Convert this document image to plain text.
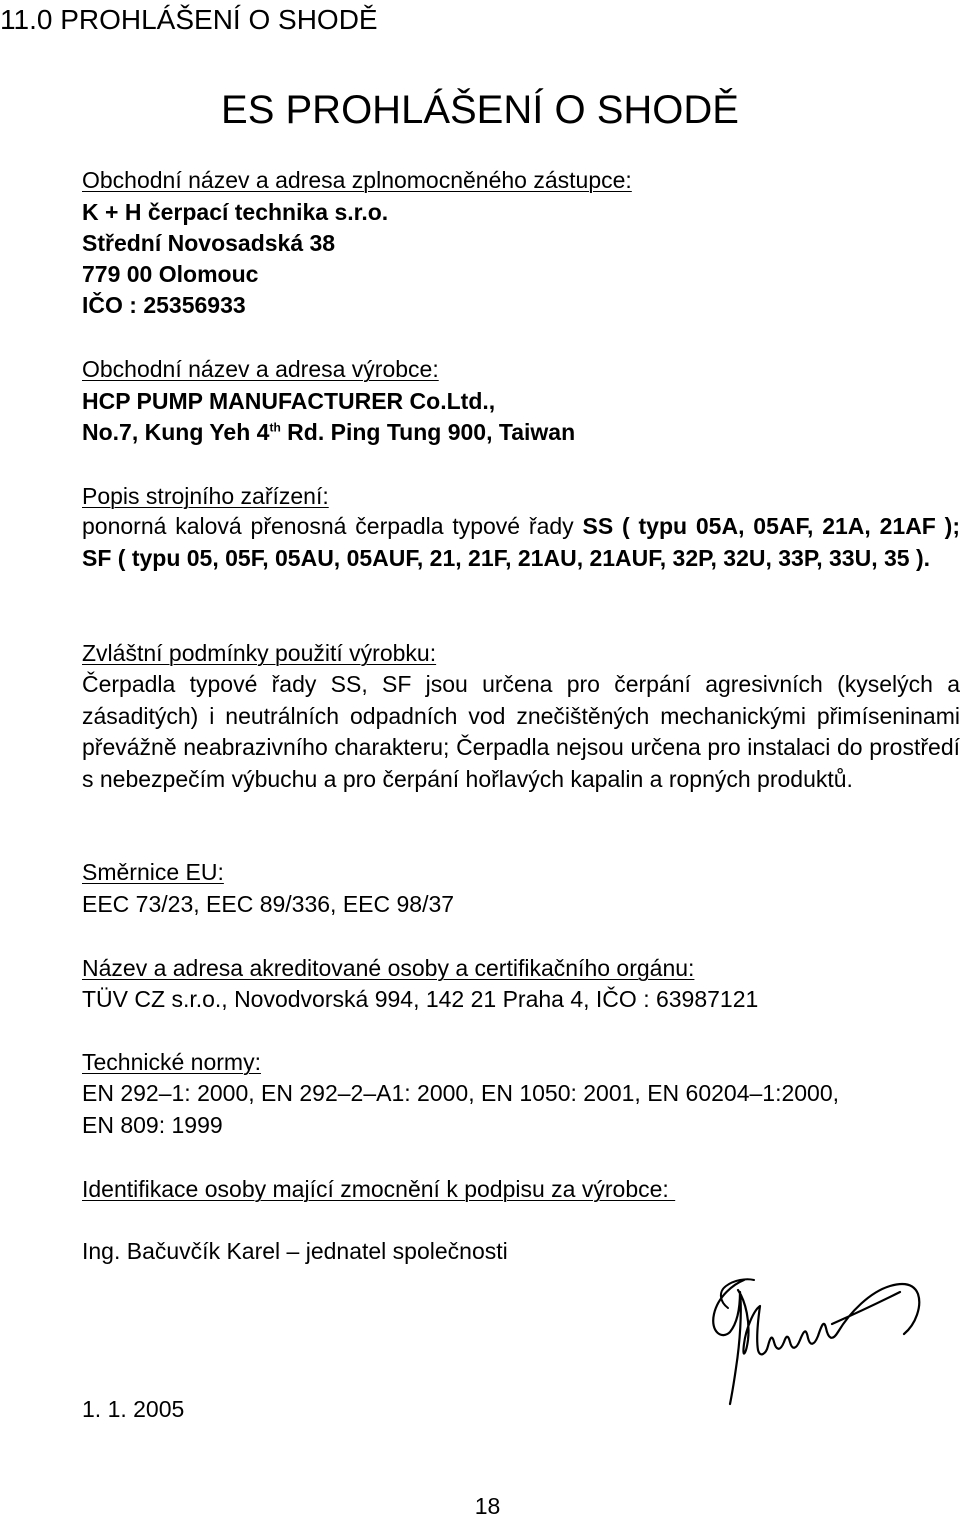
11.0 PROHLÁŠENÍ O SHODĚ
ES PROHLÁŠENÍ O SHODĚ
Obchodní název a adresa zplnomocněného zástupce:
K + H čerpací technika s.r.o.
Střední Novosadská 38
779 00 Olomouc
IČO : 25356933
Obchodní název a adresa výrobce:
HCP PUMP MANUFACTURER Co.Ltd.,
No.7, Kung Yeh 4th Rd. Ping Tung 900, Taiwan
Popis strojního zařízení:
ponorná kalová přenosná čerpadla typové řady SS ( typu 05A, 05AF, 21A, 21AF ); SF ( typu 05, 05F, 05AU, 05AUF, 21, 21F, 21AU, 21AUF, 32P, 32U, 33P, 33U, 35 ).
Zvláštní podmínky použití výrobku:
Čerpadla typové řady SS, SF jsou určena pro čerpání agresivních (kyselých a zásaditých) i neutrálních odpadních vod znečištěných mechanickými přimíseninami převážně neabrazivního charakteru; Čerpadla nejsou určena pro instalaci do prostředí s nebezpečím výbuchu a pro čerpání hořlavých kapalin a ropných produktů.
Směrnice EU:
EEC 73/23, EEC 89/336, EEC 98/37
Název a adresa akreditované osoby a certifikačního orgánu:
TÜV CZ s.r.o., Novodvorská 994, 142 21 Praha 4, IČO : 63987121
Technické normy:
EN 292–1: 2000, EN 292–2–A1: 2000, EN 1050: 2001, EN 60204–1:2000,
EN 809: 1999
Identifikace osoby mající zmocnění k podpisu za výrobce:
Ing. Bačuvčík Karel – jednatel společnosti
1. 1. 2005
18
